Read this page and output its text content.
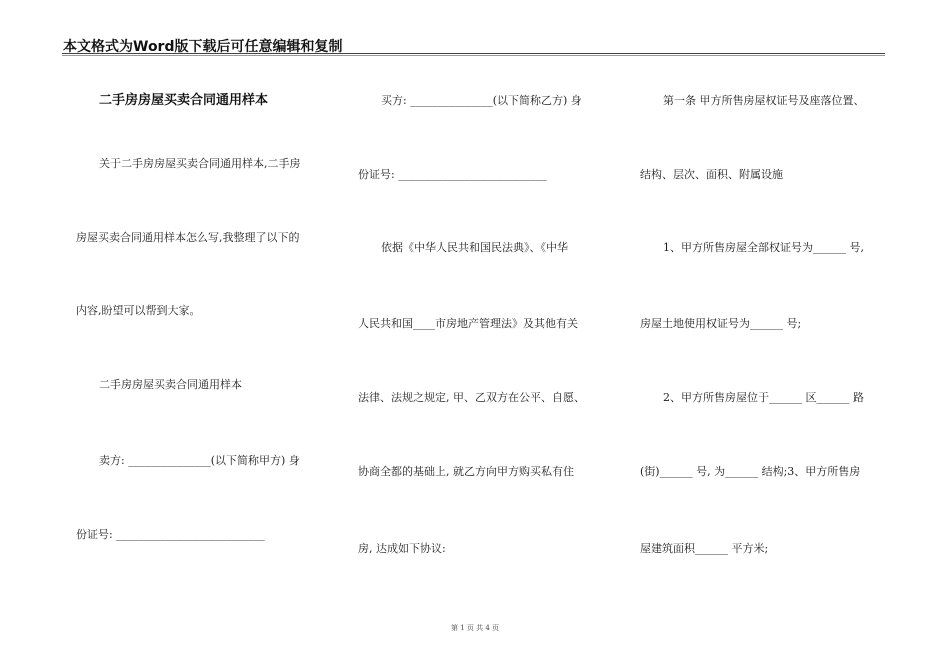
本文格式为Word版下载后可任意编辑和复制
二手房房屋买卖合同通用样本
关于二手房房屋买卖合同通用样本,二手房
房屋买卖合同通用样本怎么写,我整理了以下的
内容,盼望可以帮到大家。
二手房房屋买卖合同通用样本
卖方: _______________(以下简称甲方) 身
份证号: ___________________________
买方: _______________(以下简称乙方) 身
份证号: ___________________________
依据《中华人民共和国民法典》、《中华
人民共和国____市房地产管理法》及其他有关
法律、法规之规定, 甲、乙双方在公平、自愿、
协商全都的基础上, 就乙方向甲方购买私有住
房, 达成如下协议:
第一条 甲方所售房屋权证号及座落位置、
结构、层次、面积、附属设施
1、甲方所售房屋全部权证号为______ 号,
房屋土地使用权证号为______ 号;
2、甲方所售房屋位于______ 区______ 路
(街)______ 号, 为______ 结构;3、甲方所售房
屋建筑面积______ 平方米;
第 1 页 共 4 页
